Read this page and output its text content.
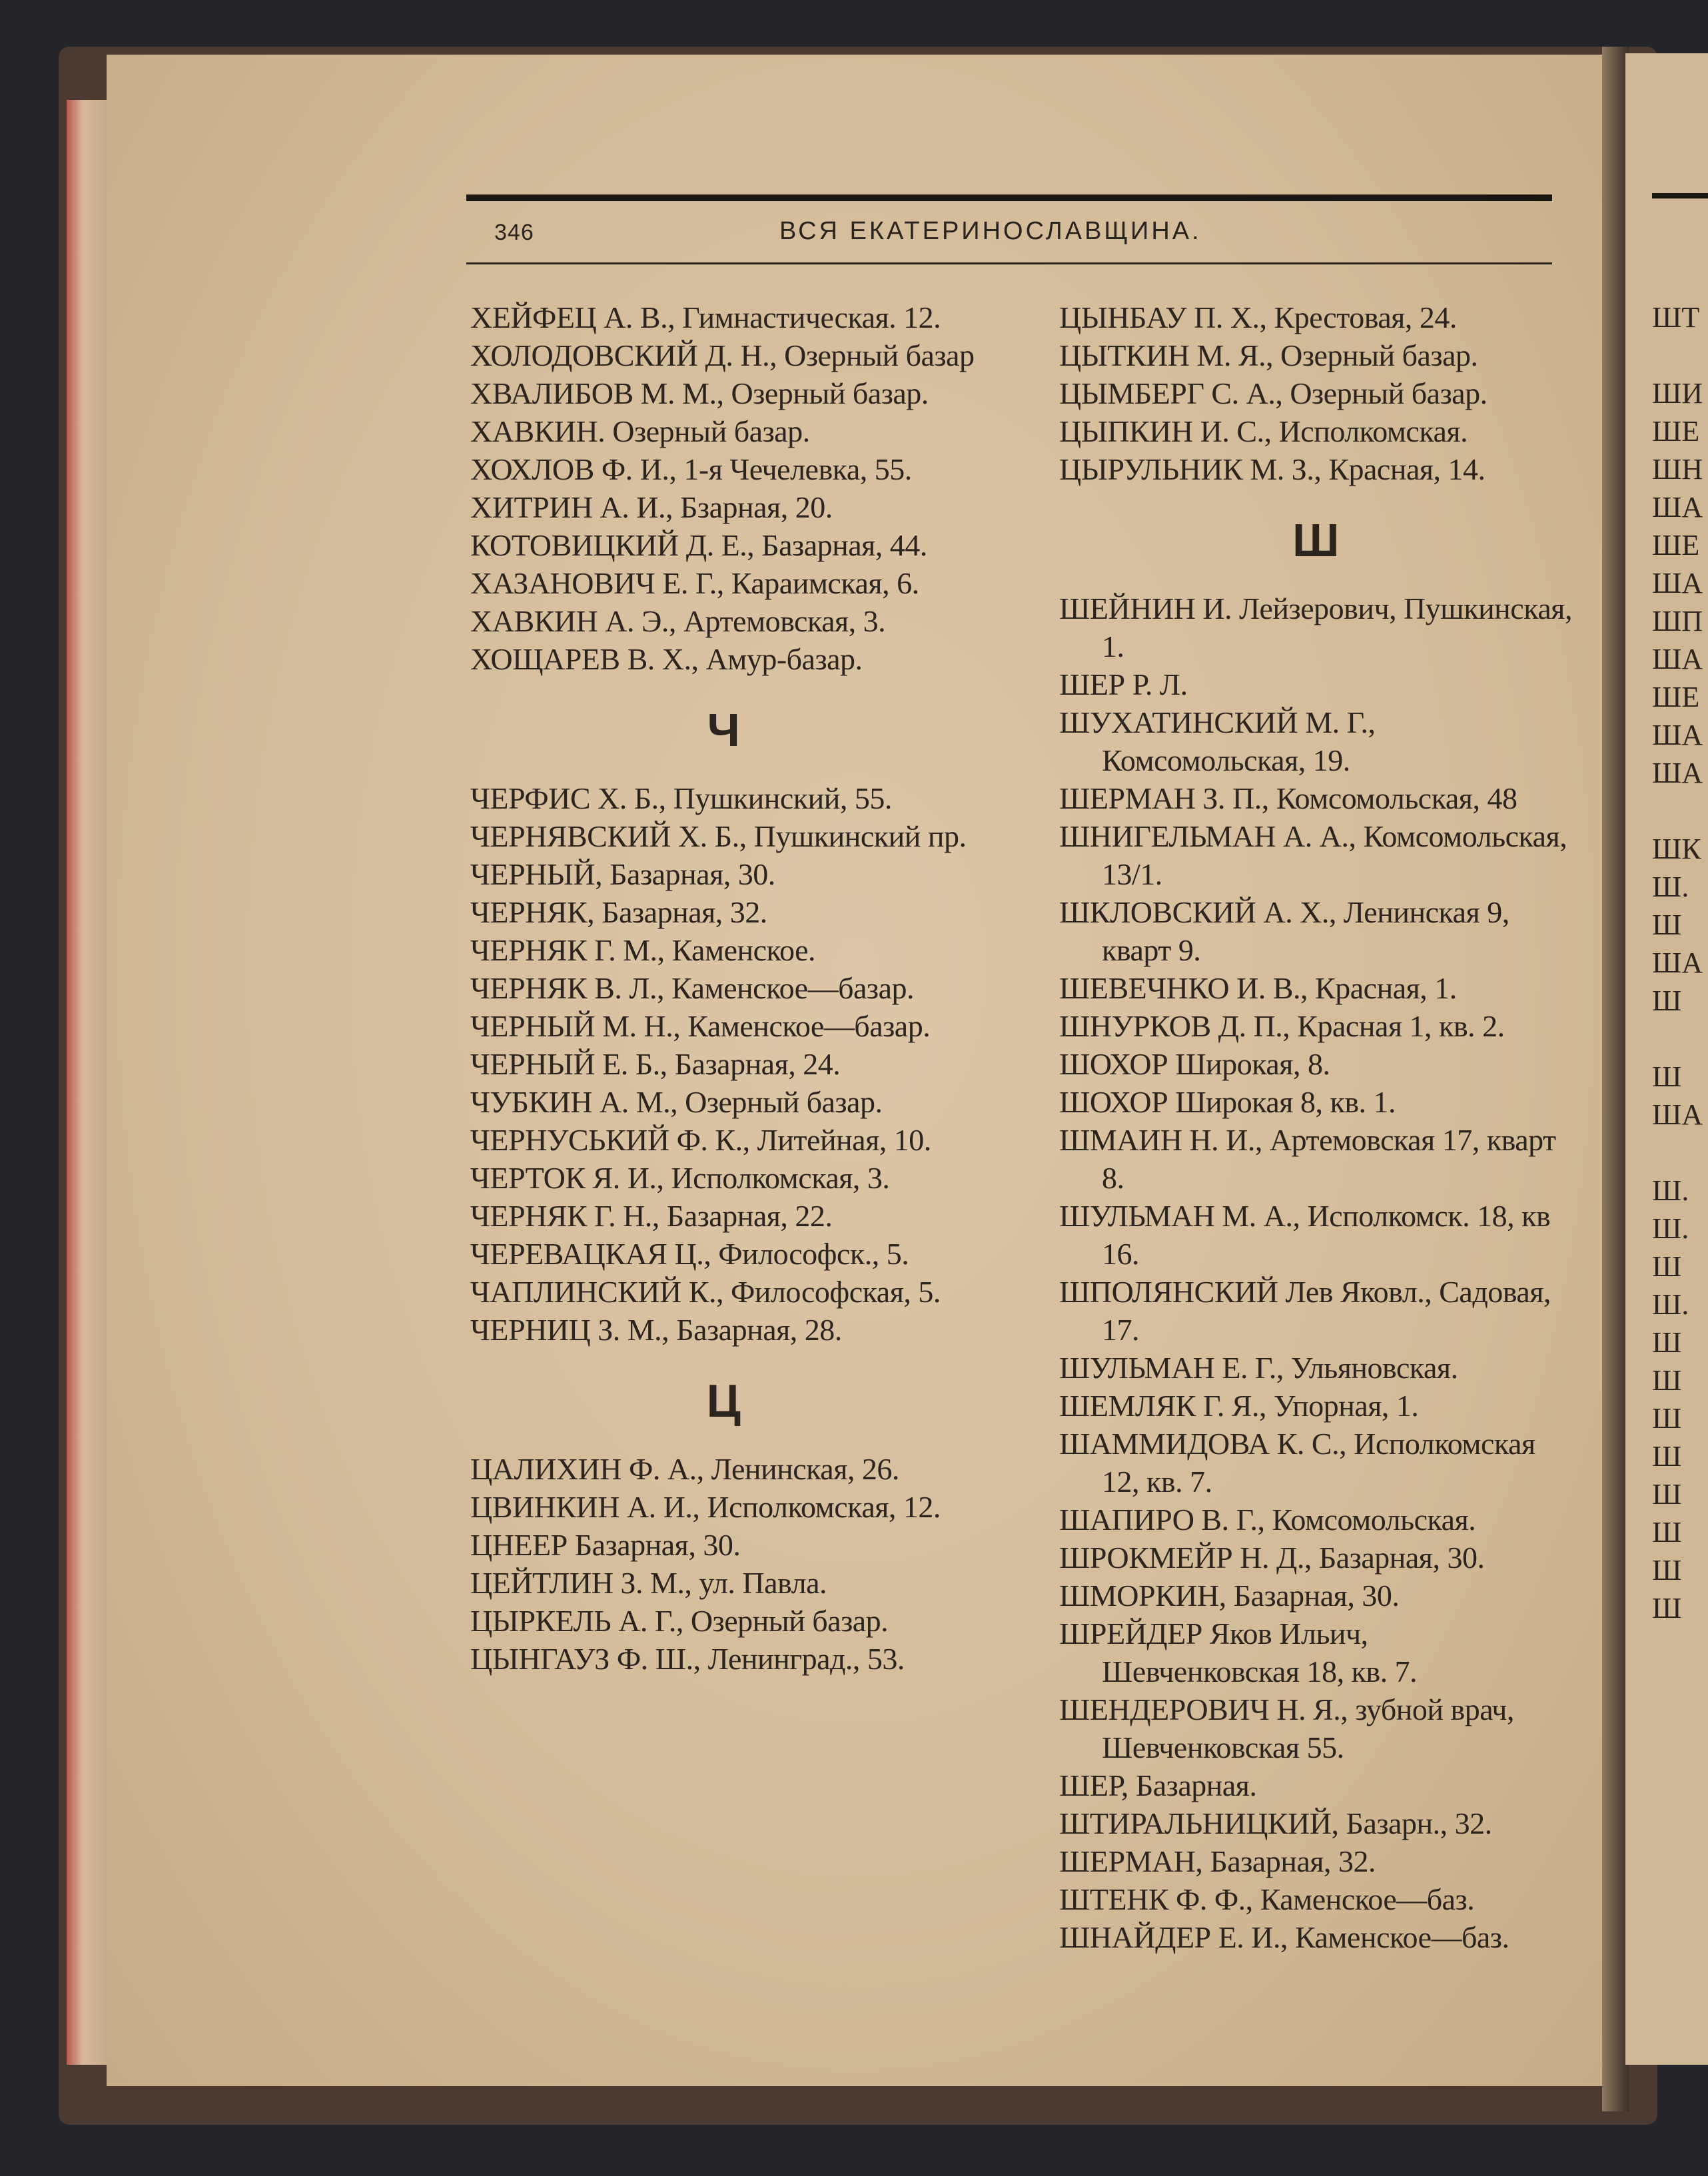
346	ВСЯ ЕКАТЕРИНОСЛАВЩИНА.
ХЕЙФЕЦ А. В., Гимнастическая. 12.
ХОЛОДОВСКИЙ Д. Н., Озерный базар
ХВАЛИБОВ М. М., Озерный базар.
ХАВКИН. Озерный базар.
ХОХЛОВ Ф. И., 1-я Чечелевка, 55.
ХИТРИН А. И., Бзарная, 20.
КОТОВИЦКИЙ Д. Е., Базарная, 44.
ХАЗАНОВИЧ Е. Г., Караимская, 6.
ХАВКИН А. Э., Артемовская, 3.
ХОЩАРЕВ В. Х., Амур-базар.
Ч
ЧЕРФИС Х. Б., Пушкинский, 55.
ЧЕРНЯВСКИЙ Х. Б., Пушкинский пр.
ЧЕРНЫЙ, Базарная, 30.
ЧЕРНЯК, Базарная, 32.
ЧЕРНЯК Г. М., Каменское.
ЧЕРНЯК В. Л., Каменское—базар.
ЧЕРНЫЙ М. Н., Каменское—базар.
ЧЕРНЫЙ Е. Б., Базарная, 24.
ЧУБКИН А. М., Озерный базар.
ЧЕРНУСЬКИЙ Ф. К., Литейная, 10.
ЧЕРТОК Я. И., Исполкомская, 3.
ЧЕРНЯК Г. Н., Базарная, 22.
ЧЕРЕВАЦКАЯ Ц., Философск., 5.
ЧАПЛИНСКИЙ К., Философская, 5.
ЧЕРНИЦ З. М., Базарная, 28.
Ц
ЦАЛИХИН Ф. А., Ленинская, 26.
ЦВИНКИН А. И., Исполкомская, 12.
ЦНЕЕР Базарная, 30.
ЦЕЙТЛИН З. М., ул. Павла.
ЦЫРКЕЛЬ А. Г., Озерный базар.
ЦЫНГАУЗ Ф. Ш., Ленинград., 53.
ЦЫНБАУ П. Х., Крестовая, 24.
ЦЫТКИН М. Я., Озерный базар.
ЦЫМБЕРГ С. А., Озерный базар.
ЦЫПКИН И. С., Исполкомская.
ЦЫРУЛЬНИК М. З., Красная, 14.
Ш
ШЕЙНИН И. Лейзерович, Пушкинская, 1.
ШЕР Р. Л.
ШУХАТИНСКИЙ М. Г., Комсомольская, 19.
ШЕРМАН З. П., Комсомольская, 48
ШНИГЕЛЬМАН А. А., Комсомольская, 13/1.
ШКЛОВСКИЙ А. Х., Ленинская 9, кварт 9.
ШЕВЕЧНКО И. В., Красная, 1.
ШНУРКОВ Д. П., Красная 1, кв. 2.
ШОХОР Широкая, 8.
ШОХОР Широкая 8, кв. 1.
ШМАИН Н. И., Артемовская 17, кварт 8.
ШУЛЬМАН М. А., Исполкомск. 18, кв 16.
ШПОЛЯНСКИЙ Лев Яковл., Садовая, 17.
ШУЛЬМАН Е. Г., Ульяновская.
ШЕМЛЯК Г. Я., Упорная, 1.
ШАММИДОВА К. С., Исполкомская 12, кв. 7.
ШАПИРО В. Г., Комсомольская.
ШРОКМЕЙР Н. Д., Базарная, 30.
ШМОРКИН, Базарная, 30.
ШРЕЙДЕР Яков Ильич, Шевченковская 18, кв. 7.
ШЕНДЕРОВИЧ Н. Я., зубной врач, Шевченковская 55.
ШЕР, Базарная.
ШТИРАЛЬНИЦКИЙ, Базарн., 32.
ШЕРМАН, Базарная, 32.
ШТЕНК Ф. Ф., Каменское—баз.
ШНАЙДЕР Е. И., Каменское—баз.
ШТ
ШИ
ШЕ
ШН
ША
ШЕ
ША
ШП
ША
ШЕ
ША
ША
ШК
Ш.
Ш
ША
Ш
Ш
ША
Ш.
Ш.
Ш
Ш.
Ш
Ш
Ш
Ш
Ш
Ш
Ш
Ш
